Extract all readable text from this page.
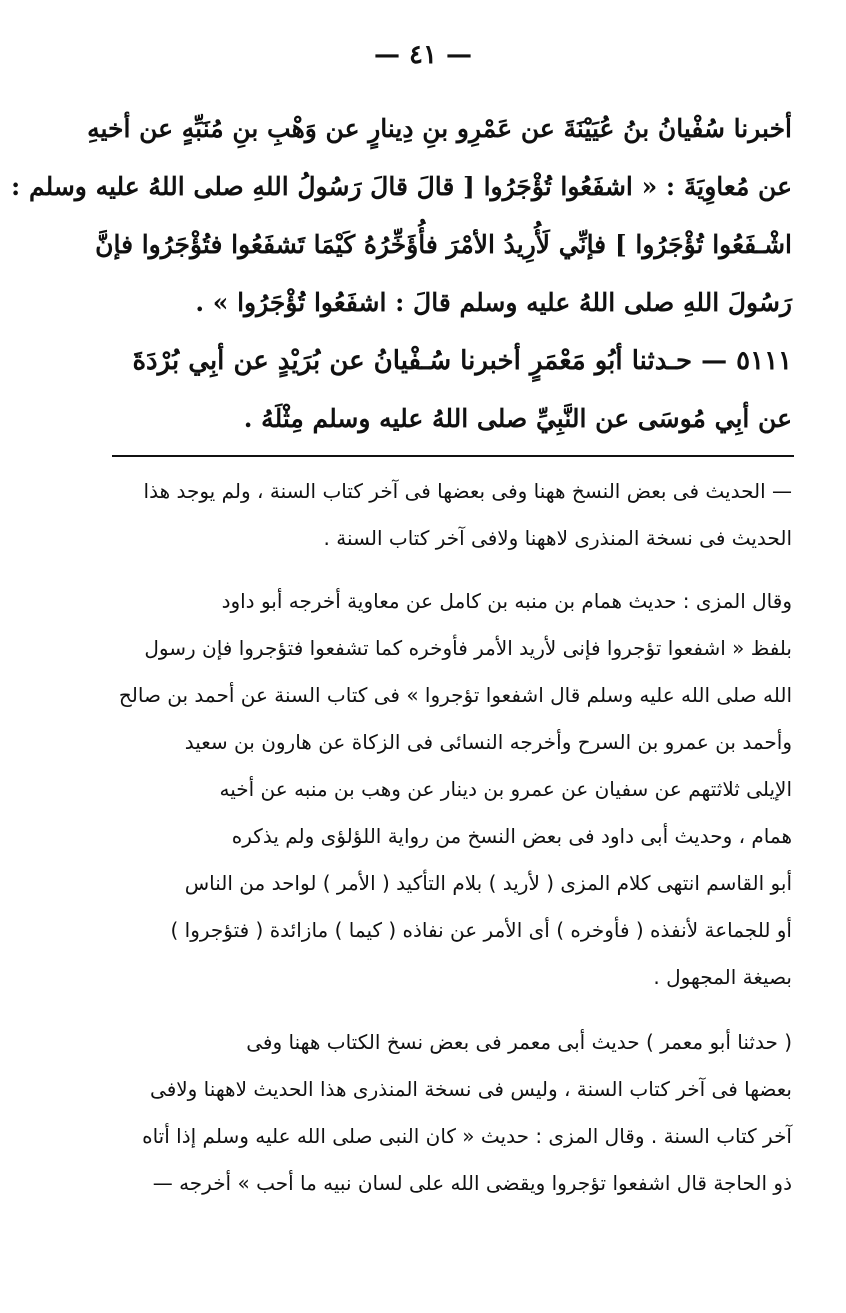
— ٤١ —
أخبرنا سُفْيانُ بنُ عُيَيْنَةَ عن عَمْرِو بنِ دِينارٍ عن وَهْبِ بنِ مُنَبِّهٍ عن أخيهِ
عن مُعاوِيَةَ : « اشفَعُوا تُؤْجَرُوا [ قالَ قالَ رَسُولُ اللهِ صلى اللهُ عليه وسلم :
اشْـفَعُوا تُؤْجَرُوا ] فإنِّي لَأُرِيدُ الأمْرَ فأُؤَخِّرُهُ كَيْمَا تَشفَعُوا فتُؤْجَرُوا فإنَّ
رَسُولَ اللهِ صلى اللهُ عليه وسلم قالَ : اشفَعُوا تُؤْجَرُوا » .
٥١١١ — حـدثنا أبُو مَعْمَرٍ أخبرنا سُـفْيانُ عن بُرَيْدٍ عن أبِي بُرْدَةَ
عن أبِي مُوسَى عن النَّبِيِّ صلى اللهُ عليه وسلم مِثْلَهُ .
— الحديث فى بعض النسخ ههنا وفى بعضها فى آخر كتاب السنة ، ولم يوجد هذا
الحديث فى نسخة المنذرى لاههنا ولافى آخر كتاب السنة .
وقال المزى : حديث همام بن منبه بن كامل عن معاوية أخرجه أبو داود
بلفظ « اشفعوا تؤجروا فإنى لأريد الأمر فأوخره كما تشفعوا فتؤجروا فإن رسول
الله صلى الله عليه وسلم قال اشفعوا تؤجروا » فى كتاب السنة عن أحمد بن صالح
وأحمد بن عمرو بن السرح وأخرجه النسائى فى الزكاة عن هارون بن سعيد
الإيلى ثلاثتهم عن سفيان عن عمرو بن دينار عن وهب بن منبه عن أخيه
همام ، وحديث أبى داود فى بعض النسخ من رواية اللؤلؤى ولم يذكره
أبو القاسم انتهى كلام المزى ( لأريد ) بلام التأكيد ( الأمر ) لواحد من الناس
أو للجماعة لأنفذه ( فأوخره ) أى الأمر عن نفاذه ( كيما ) مازائدة ( فتؤجروا )
بصيغة المجهول .
( حدثنا أبو معمر ) حديث أبى معمر فى بعض نسخ الكتاب ههنا وفى
بعضها فى آخر كتاب السنة ، وليس فى نسخة المنذرى هذا الحديث لاههنا ولافى
آخر كتاب السنة . وقال المزى : حديث « كان النبى صلى الله عليه وسلم إذا أتاه
ذو الحاجة قال اشفعوا تؤجروا ويقضى الله على لسان نبيه ما أحب » أخرجه —
